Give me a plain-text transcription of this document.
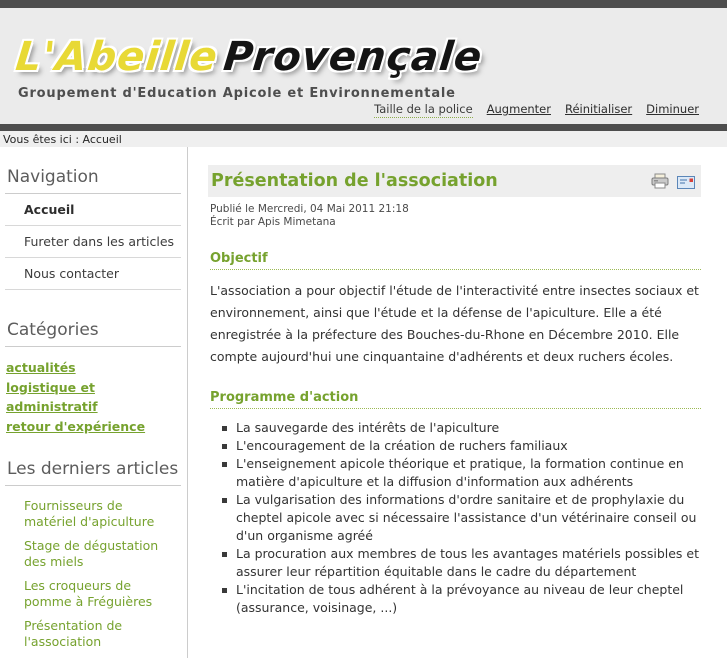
L'AbeilleProvençale
Groupement d'Education Apicole et Environnementale
Taille de la police Augmenter Réinitialiser Diminuer
Vous êtes ici : Accueil
Navigation
Accueil
Fureter dans les articles
Nous contacter
Catégories
actualités
logistique et administratif
retour d'expérience
Les derniers articles
Fournisseurs de matériel d'apiculture
Stage de dégustation des miels
Les croqueurs de pomme à Fréguières
Présentation de l'association
Présentation de l'association
Publié le Mercredi, 04 Mai 2011 21:18
Écrit par Apis Mimetana
Objectif

L'association a pour objectif l'étude de l'interactivité entre insectes sociaux et environnement, ainsi que l'étude et la défense de l'apiculture. Elle a été enregistrée à la préfecture des Bouches-du-Rhone en Décembre 2010. Elle compte aujourd'hui une cinquantaine d'adhérents et deux ruchers écoles.

Programme d'action
La sauvegarde des intérêts de l'apiculture
L'encouragement de la création de ruchers familiaux
L'enseignement apicole théorique et pratique, la formation continue en matière d'apiculture et la diffusion d'information aux adhérents
La vulgarisation des informations d'ordre sanitaire et de prophylaxie du cheptel apicole avec si nécessaire l'assistance d'un vétérinaire conseil ou d'un organisme agréé
La procuration aux membres de tous les avantages matériels possibles et assurer leur répartition équitable dans le cadre du département
L'incitation de tous adhérent à la prévoyance au niveau de leur cheptel (assurance, voisinage, ...)
